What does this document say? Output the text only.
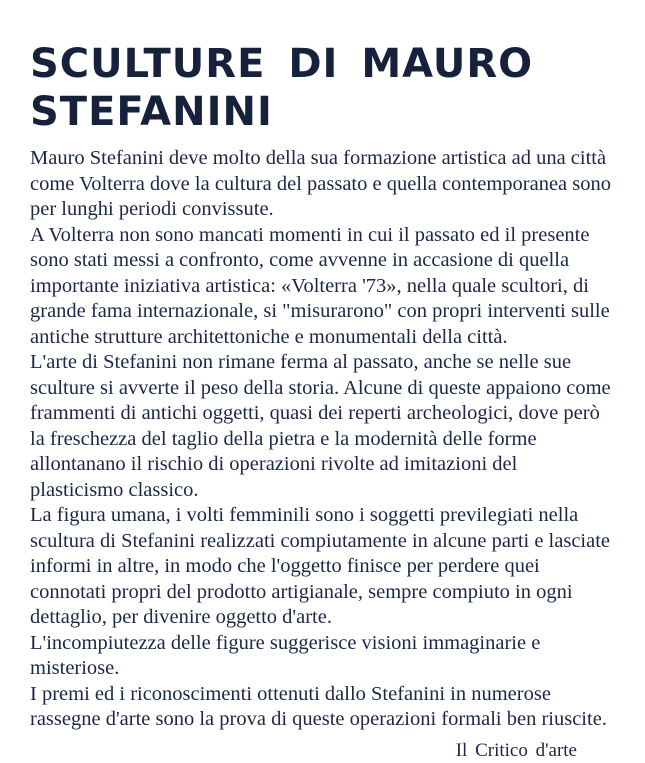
SCULTURE DI MAURO STEFANINI

Mauro Stefanini deve molto della sua formazione artistica ad una città come Volterra dove la cultura del passato e quella contemporanea sono per lunghi periodi convissute.

A Volterra non sono mancati momenti in cui il passato ed il presente sono stati messi a confronto, come avvenne in accasione di quella importante iniziativa artistica: «Volterra '73», nella quale scultori, di grande fama internazionale, si "misurarono" con propri interventi sulle antiche strutture architettoniche e monumentali della città.

L'arte di Stefanini non rimane ferma al passato, anche se nelle sue sculture si avverte il peso della storia. Alcune di queste appaiono come frammenti di antichi oggetti, quasi dei reperti archeologici, dove però la freschezza del taglio della pietra e la modernità delle forme allontanano il rischio di operazioni rivolte ad imitazioni del plasticismo classico.

La figura umana, i volti femminili sono i soggetti previlegiati nella scultura di Stefanini realizzati compiutamente in alcune parti e lasciate informi in altre, in modo che l'oggetto finisce per perdere quei connotati propri del prodotto artigianale, sempre compiuto in ogni dettaglio, per divenire oggetto d'arte.

L'incompiutezza delle figure suggerisce visioni immaginarie e misteriose.

I premi ed i riconoscimenti ottenuti dallo Stefanini in numerose rassegne d'arte sono la prova di queste operazioni formali ben riuscite.

Il Critico d'arte
